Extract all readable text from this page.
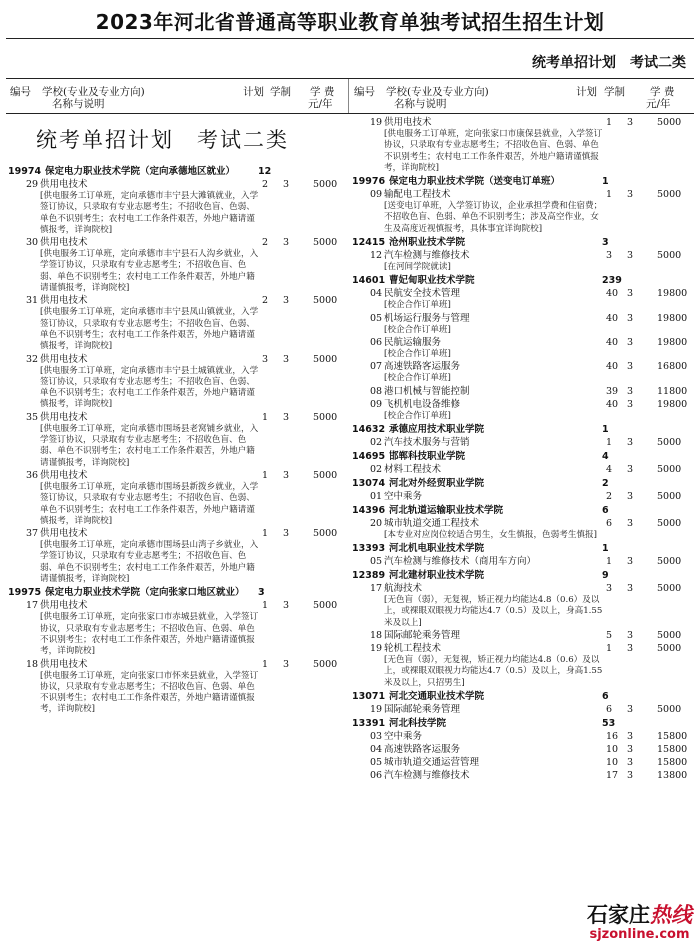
2023年河北省普通高等职业教育单独考试招生招生计划
统考单招计划　考试二类
编号 学校(专业及专业方向)
名称与说明
计划 学制 学 费
元/年
编号 学校(专业及专业方向)
名称与说明
计划 学制 学 费
元/年
统考单招计划　考试二类
19974 保定电力职业技术学院（定向承德地区就业）	12
29 供用电技术	2 3	5000
[供电服务工订单班，定向承德市丰宁县大滩镇就业，入学签订协议，只录取有专业志愿考生；不招收色盲、色弱、单色不识别考生；农村电工工作条件艰苦，外地户籍请谨慎报考，详询院校]
30 供用电技术	2 3	5000
[供电服务工订单班，定向承德市丰宁县石人沟乡就业，入学签订协议，只录取有专业志愿考生；不招收色盲、色弱、单色不识别考生；农村电工工作条件艰苦，外地户籍请谨慎报考，详询院校]
31 供用电技术	2 3	5000
[供电服务工订单班，定向承德市丰宁县凤山镇就业，入学签订协议，只录取有专业志愿考生；不招收色盲、色弱、单色不识别考生；农村电工工作条件艰苦，外地户籍请谨慎报考，详询院校]
32 供用电技术	3 3	5000
[供电服务工订单班，定向承德市丰宁县土城镇就业，入学签订协议，只录取有专业志愿考生；不招收色盲、色弱、单色不识别考生；农村电工工作条件艰苦，外地户籍请谨慎报考，详询院校]
35 供用电技术	1 3	5000
[供电服务工订单班，定向承德市围场县老窝铺乡就业，入学签订协议，只录取有专业志愿考生；不招收色盲、色弱、单色不识别考生；农村电工工作条件艰苦，外地户籍请谨慎报考，详询院校]
36 供用电技术	1 3	5000
[供电服务工订单班，定向承德市围场县新拨乡就业，入学签订协议，只录取有专业志愿考生；不招收色盲、色弱、单色不识别考生；农村电工工作条件艰苦，外地户籍请谨慎报考，详询院校]
37 供用电技术	1 3	5000
[供电服务工订单班，定向承德市围场县山湾子乡就业，入学签订协议，只录取有专业志愿考生；不招收色盲、色弱、单色不识别考生；农村电工工作条件艰苦，外地户籍请谨慎报考，详询院校]
19975 保定电力职业技术学院（定向张家口地区就业）	3
17 供用电技术	1 3	5000
[供电服务工订单班，定向张家口市赤城县就业，入学签订协议，只录取有专业志愿考生；不招收色盲、色弱、单色不识别考生；农村电工工作条件艰苦，外地户籍请谨慎报考，详询院校]
18 供用电技术	1 3	5000
[供电服务工订单班，定向张家口市怀来县就业，入学签订协议，只录取有专业志愿考生；不招收色盲、色弱、单色不识别考生；农村电工工作条件艰苦，外地户籍请谨慎报考，详询院校]
19 供用电技术	1 3	5000
[供电服务工订单班，定向张家口市康保县就业，入学签订协议，只录取有专业志愿考生；不招收色盲、色弱、单色不识别考生；农村电工工作条件艰苦，外地户籍请谨慎报考，详询院校]
19976 保定电力职业技术学院（送变电订单班）	1
09 输配电工程技术	1 3	5000
[送变电订单班，入学签订协议，企业承担学费和住宿费；不招收色盲、色弱、单色不识别考生；涉及高空作业，女生及高度近视慎报考，具体事宜详询院校]
12415 沧州职业技术学院	3
12 汽车检测与维修技术	3 3	5000
[在河间学院就读]
14601 曹妃甸职业技术学院	239
04 民航安全技术管理	40 3	19800
[校企合作订单班]
05 机场运行服务与管理	40 3	19800
[校企合作订单班]
06 民航运输服务	40 3	19800
[校企合作订单班]
07 高速铁路客运服务	40 3	16800
[校企合作订单班]
08 港口机械与智能控制	39 3	11800
09 飞机机电设备维修	40 3	19800
[校企合作订单班]
14632 承德应用技术职业学院	1
02 汽车技术服务与营销	1 3	5000
14695 邯郸科技职业学院	4
02 材料工程技术	4 3	5000
13074 河北对外经贸职业学院	2
01 空中乘务	2 3	5000
14396 河北轨道运输职业技术学院	6
20 城市轨道交通工程技术	6 3	5000
[本专业对应岗位较适合男生，女生慎报，色弱考生慎报]
13393 河北机电职业技术学院	1
05 汽车检测与维修技术（商用车方向）	1 3	5000
12389 河北建材职业技术学院	9
17 航海技术	3 3	5000
[无色盲（弱），无复视，矫正视力均能达4.8（0.6）及以上，或裸眼双眼视力均能达4.7（0.5）及以上，身高1.55米及以上]
18 国际邮轮乘务管理	5 3	5000
19 轮机工程技术	1 3	5000
[无色盲（弱），无复视，矫正视力均能达4.8（0.6）及以上，或裸眼双眼视力均能达4.7（0.5）及以上，身高1.55米及以上，只招男生]
13071 河北交通职业技术学院	6
19 国际邮轮乘务管理	6 3	5000
13391 河北科技学院	53
03 空中乘务	16 3	15800
04 高速铁路客运服务	10 3	15800
05 城市轨道交通运营管理	10 3	15800
06 汽车检测与维修技术	17 3	13800
石家庄热线
sjzonline.com
